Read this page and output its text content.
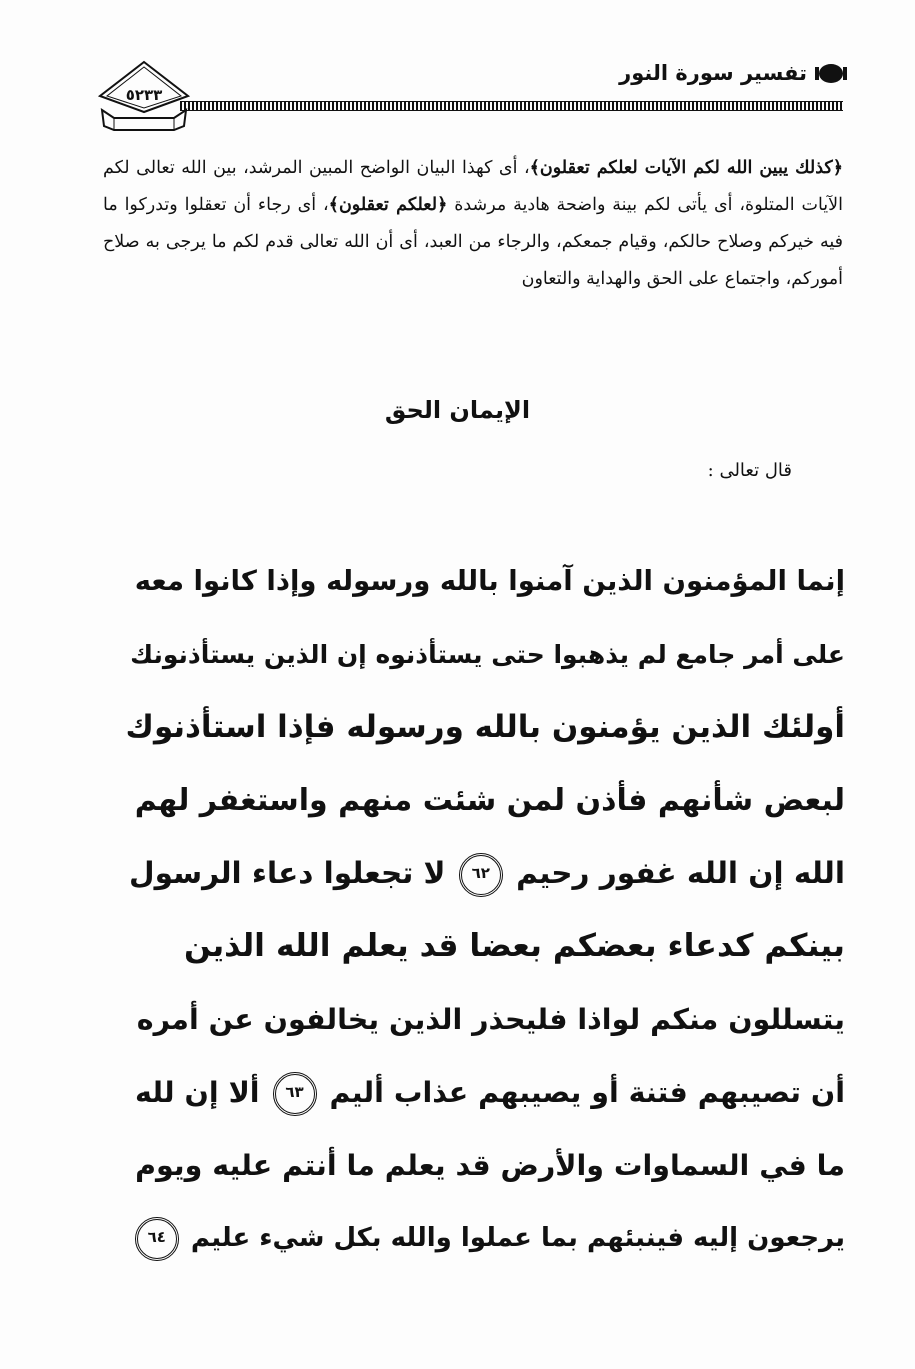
تفسير سورة النور
٥٢٣٣

﴿كذلك يبين الله لكم الآيات لعلكم تعقلون﴾، أى كهذا البيان الواضح المبين المرشد، بين الله تعالى لكم الآيات المتلوة، أى يأتى لكم بينة واضحة هادية مرشدة ﴿لعلكم تعقلون﴾، أى رجاء أن تعقلوا وتدركوا ما فيه خيركم وصلاح حالكم، وقيام جمعكم، والرجاء من العبد، أى أن الله تعالى قدم لكم ما يرجى به صلاح أموركم، واجتماع على الحق والهداية والتعاون

الإيمان الحق
قال تعالى :
إنما المؤمنون الذين آمنوا بالله ورسوله وإذا كانوا معه
على أمر جامع لم يذهبوا حتى يستأذنوه إن الذين يستأذنونك
أولئك الذين يؤمنون بالله ورسوله فإذا استأذنوك
لبعض شأنهم فأذن لمن شئت منهم واستغفر لهم
الله إن الله غفور رحيم ٦٢ لا تجعلوا دعاء الرسول
بينكم كدعاء بعضكم بعضا قد يعلم الله الذين
يتسللون منكم لواذا فليحذر الذين يخالفون عن أمره
أن تصيبهم فتنة أو يصيبهم عذاب أليم ٦٣ ألا إن لله
ما في السماوات والأرض قد يعلم ما أنتم عليه ويوم
يرجعون إليه فينبئهم بما عملوا والله بكل شيء عليم ٦٤
